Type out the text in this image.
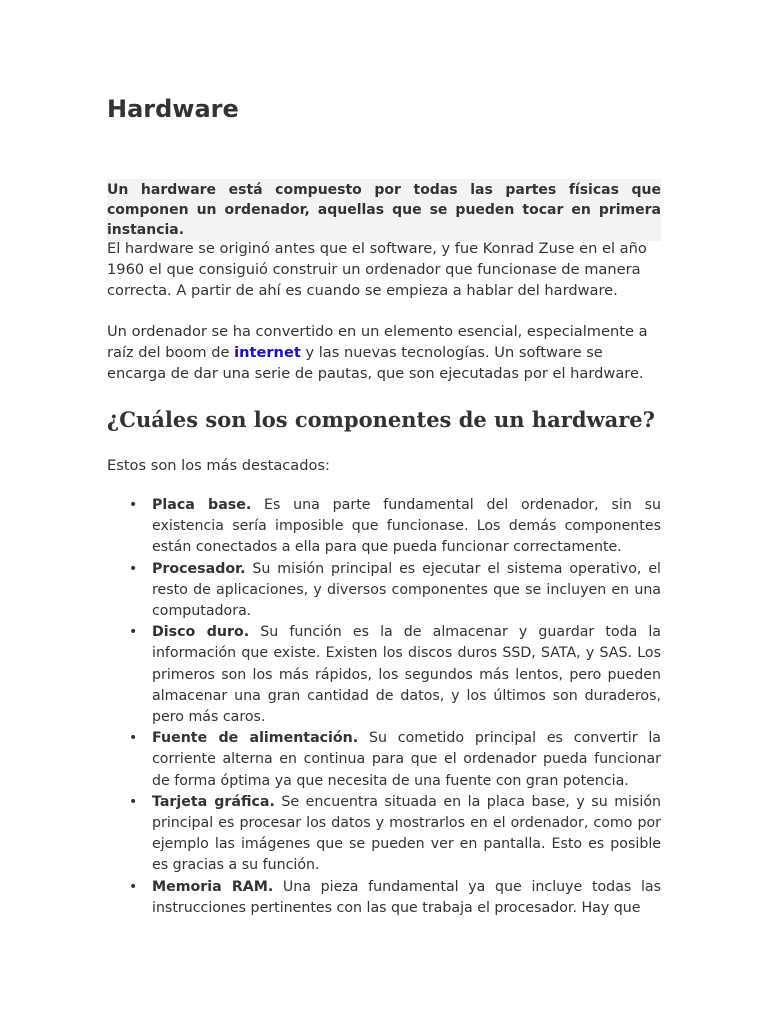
Hardware

Un hardware está compuesto por todas las partes físicas que componen un ordenador, aquellas que se pueden tocar en primera instancia.

El hardware se originó antes que el software, y fue Konrad Zuse en el año 1960 el que consiguió construir un ordenador que funcionase de manera correcta. A partir de ahí es cuando se empieza a hablar del hardware.

Un ordenador se ha convertido en un elemento esencial, especialmente a raíz del boom de internet y las nuevas tecnologías. Un software se encarga de dar una serie de pautas, que son ejecutadas por el hardware.

¿Cuáles son los componentes de un hardware?

Estos son los más destacados:

• Placa base. Es una parte fundamental del ordenador, sin su existencia sería imposible que funcionase. Los demás componentes están conectados a ella para que pueda funcionar correctamente.
• Procesador. Su misión principal es ejecutar el sistema operativo, el resto de aplicaciones, y diversos componentes que se incluyen en una computadora.
• Disco duro. Su función es la de almacenar y guardar toda la información que existe. Existen los discos duros SSD, SATA, y SAS. Los primeros son los más rápidos, los segundos más lentos, pero pueden almacenar una gran cantidad de datos, y los últimos son duraderos, pero más caros.
• Fuente de alimentación. Su cometido principal es convertir la corriente alterna en continua para que el ordenador pueda funcionar de forma óptima ya que necesita de una fuente con gran potencia.
• Tarjeta gráfica. Se encuentra situada en la placa base, y su misión principal es procesar los datos y mostrarlos en el ordenador, como por ejemplo las imágenes que se pueden ver en pantalla. Esto es posible es gracias a su función.
• Memoria RAM. Una pieza fundamental ya que incluye todas las instrucciones pertinentes con las que trabaja el procesador. Hay que
